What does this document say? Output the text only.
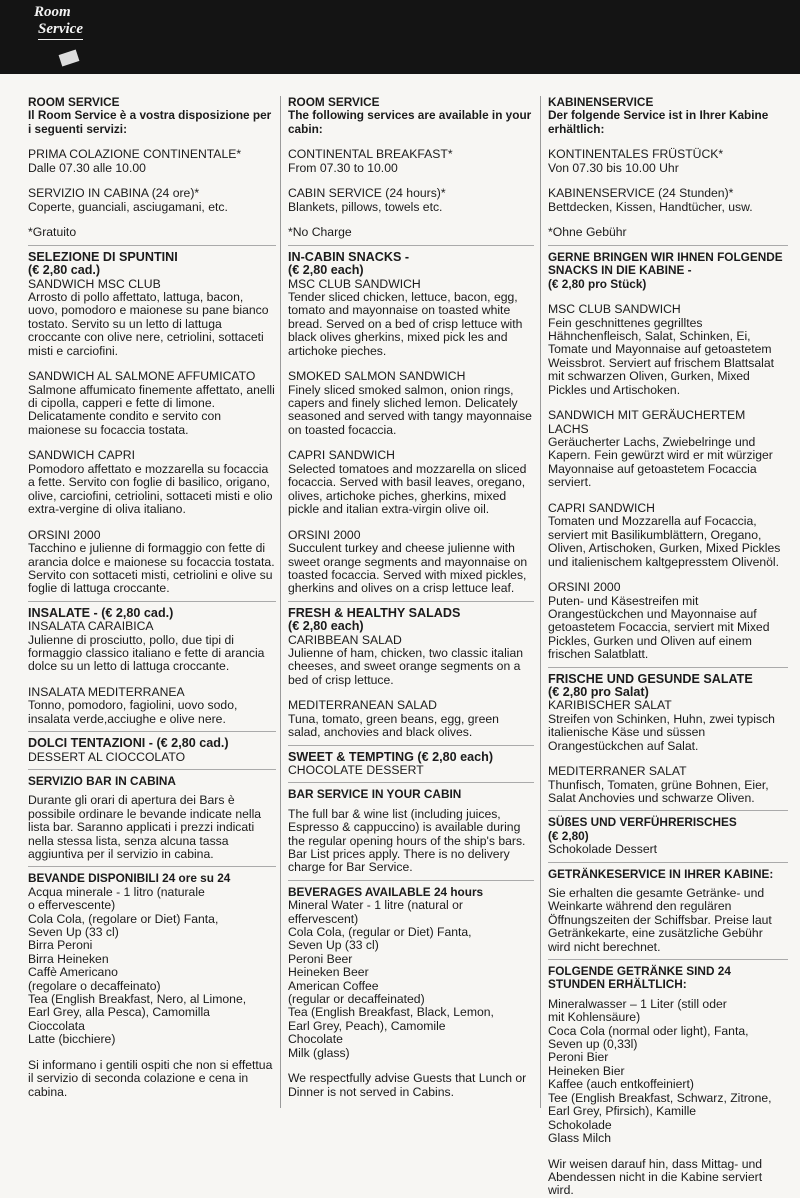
Room
Service

ROOM SERVICE

Il Room Service è a vostra disposizione per i seguenti servizi:

PRIMA COLAZIONE CONTINENTALE*

Dalle 07.30 alle 10.00

SERVIZIO IN CABINA (24 ore)*

Coperte, guanciali, asciugamani, etc.

*Gratuito

SELEZIONE DI SPUNTINI

(€ 2,80 cad.)

SANDWICH MSC CLUB

Arrosto di pollo affettato, lattuga, bacon, uovo, pomodoro e maionese su pane bianco tostato. Servito su un letto di lattuga croccante con olive nere, cetriolini, sottaceti misti e carciofini.

SANDWICH AL SALMONE AFFUMICATO

Salmone affumicato finemente affettato, anelli di cipolla, capperi e fette di limone. Delicatamente condito e servito con maionese su focaccia tostata.

SANDWICH CAPRI

Pomodoro affettato e mozzarella su focaccia a fette. Servito con foglie di basilico, origano, olive, carciofini, cetriolini, sottaceti misti e olio extra-vergine di oliva italiano.

ORSINI 2000

Tacchino e julienne di formaggio con fette di arancia dolce e maionese su focaccia tostata. Servito con sottaceti misti, cetriolini e olive su foglie di lattuga croccante.

INSALATE - (€ 2,80 cad.)

INSALATA CARAIBICA

Julienne di prosciutto, pollo, due tipi di formaggio classico italiano e fette di arancia dolce su un letto di lattuga croccante.

INSALATA MEDITERRANEA

Tonno, pomodoro, fagiolini, uovo sodo, insalata verde,acciughe e olive nere.

DOLCI TENTAZIONI - (€ 2,80 cad.)

DESSERT AL CIOCCOLATO

SERVIZIO BAR IN CABINA

Durante gli orari di apertura dei Bars è possibile ordinare le bevande indicate nella lista bar. Saranno applicati i prezzi indicati nella stessa lista, senza alcuna tassa aggiuntiva per il servizio in cabina.

BEVANDE DISPONIBILI 24 ore su 24

Acqua minerale - 1 litro (naturale

o effervescente)

Cola Cola, (regolare or Diet) Fanta,

Seven Up (33 cl)

Birra Peroni

Birra Heineken

Caffè Americano

(regolare o decaffeinato)

Tea (English Breakfast, Nero, al Limone,

Earl Grey, alla Pesca), Camomilla

Cioccolata

Latte (bicchiere)

Si informano i gentili ospiti che non si effettua il servizio di seconda colazione e cena in cabina.

ROOM SERVICE

The following services are available in your cabin:

CONTINENTAL BREAKFAST*

From 07.30 to 10.00

CABIN SERVICE (24 hours)*

Blankets, pillows, towels etc.

*No Charge

IN-CABIN SNACKS -

(€ 2,80 each)

MSC CLUB SANDWICH

Tender sliced chicken, lettuce, bacon, egg, tomato and mayonnaise on toasted white bread. Served on a bed of crisp lettuce with black olives gherkins, mixed pick les and artichoke pieches.

SMOKED SALMON SANDWICH

Finely sliced smoked salmon, onion rings, capers and finely sliched lemon. Delicately seasoned and served with tangy mayonnaise on toasted focaccia.

CAPRI SANDWICH

Selected tomatoes and mozzarella on sliced focaccia. Served with basil leaves, oregano, olives, artichoke piches, gherkins, mixed pickle and italian extra-virgin olive oil.

ORSINI 2000

Succulent turkey and cheese julienne with sweet orange segments and mayonnaise on toasted focaccia. Served with mixed pickles, gherkins and olives on a crisp lettuce leaf.

FRESH & HEALTHY SALADS

(€ 2,80 each)

CARIBBEAN SALAD

Julienne of ham, chicken, two classic italian cheeses, and sweet orange segments on a bed of crisp lettuce.

MEDITERRANEAN SALAD

Tuna, tomato, green beans, egg, green salad, anchovies and black olives.

SWEET & TEMPTING (€ 2,80 each)

CHOCOLATE DESSERT

BAR SERVICE IN YOUR CABIN

The full bar & wine list (including juices, Espresso & cappuccino) is available during the regular opening hours of the ship's bars. Bar List prices apply. There is no delivery charge for Bar Service.

BEVERAGES AVAILABLE 24 hours

Mineral Water - 1 litre (natural or

effervescent)

Cola Cola, (regular or Diet) Fanta,

Seven Up (33 cl)

Peroni Beer

Heineken Beer

American Coffee

(regular or decaffeinated)

Tea (English Breakfast, Black, Lemon,

Earl Grey, Peach), Camomile

Chocolate

Milk (glass)

We respectfully advise Guests that Lunch or Dinner is not served in Cabins.

KABINENSERVICE

Der folgende Service ist in Ihrer Kabine erhältlich:

KONTINENTALES FRÜSTÜCK*

Von 07.30 bis 10.00 Uhr

KABINENSERVICE (24 Stunden)*

Bettdecken, Kissen, Handtücher, usw.

*Ohne Gebühr

GERNE BRINGEN WIR IHNEN FOLGENDE SNACKS IN DIE KABINE -

(€ 2,80 pro Stück)

MSC CLUB SANDWICH

Fein geschnittenes gegrilltes Hähnchenfleisch, Salat, Schinken, Ei, Tomate und Mayonnaise auf getoastetem Weissbrot. Serviert auf frischem Blattsalat mit schwarzen Oliven, Gurken, Mixed Pickles und Artischoken.

SANDWICH MIT GERÄUCHERTEM LACHS

Geräucherter Lachs, Zwiebelringe und Kapern. Fein gewürzt wird er mit würziger Mayonnaise auf getoastetem Focaccia serviert.

CAPRI SANDWICH

Tomaten und Mozzarella auf Focaccia, serviert mit Basilikumblättern, Oregano, Oliven, Artischoken, Gurken, Mixed Pickles und italienischem kaltgepresstem Olivenöl.

ORSINI 2000

Puten- und Käsestreifen mit Orangestückchen und Mayonnaise auf getoastetem Focaccia, serviert mit Mixed Pickles, Gurken und Oliven auf einem frischen Salatblatt.

FRISCHE UND GESUNDE SALATE

(€ 2,80 pro Salat)

KARIBISCHER SALAT

Streifen von Schinken, Huhn, zwei typisch italienische Käse und süssen Orangestückchen auf Salat.

MEDITERRANER SALAT

Thunfisch, Tomaten, grüne Bohnen, Eier, Salat Anchovies und schwarze Oliven.

SÜßES UND VERFÜHRERISCHES

(€ 2,80)

Schokolade Dessert

GETRÄNKESERVICE IN IHRER KABINE:

Sie erhalten die gesamte Getränke- und Weinkarte während den regulären Öffnungszeiten der Schiffsbar. Preise laut Getränkekarte, eine zusätzliche Gebühr wird nicht berechnet.

FOLGENDE GETRÄNKE SIND 24 STUNDEN ERHÄLTLICH:

Mineralwasser – 1 Liter (still oder

mit Kohlensäure)

Coca Cola (normal oder light), Fanta,

Seven up (0,33l)

Peroni Bier

Heineken Bier

Kaffee (auch entkoffeiniert)

Tee (English Breakfast, Schwarz, Zitrone,

Earl Grey, Pfirsich), Kamille

Schokolade

Glass Milch

Wir weisen darauf hin, dass Mittag- und Abendessen nicht in die Kabine serviert wird.
